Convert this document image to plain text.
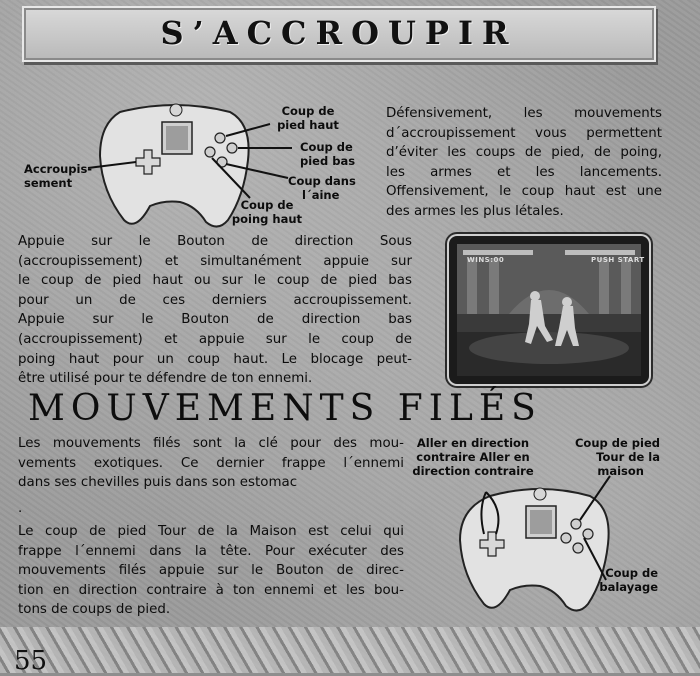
S’ACCROUPIR
Coup de
pied haut
Coup de
pied bas
Coup dans
l´aine
Coup de
poing haut
Accroupis-
sement
Défensivement, les mouvements
d´accroupissement vous permettent
d’éviter les coups de pied, de poing,
les armes et les lancements.
Offensivement, le coup haut est une
des armes les plus létales.
Appuie sur le Bouton de direction Sous
(accroupissement) et simultanément appuie sur
le coup de pied haut ou sur le coup de pied bas
pour un de ces derniers accroupissement.
Appuie sur le Bouton de direction bas
(accroupissement) et appuie sur le coup de
poing haut pour un coup haut. Le blocage peut-
être utilisé pour te défendre de ton ennemi.
WINS:00	PUSH START
MOUVEMENTS FILÉS
Les mouvements filés sont la clé pour des mou-
vements exotiques. Ce dernier frappe l´ennemi
dans ses chevilles puis dans son estomac
.
Le coup de pied Tour de la Maison est celui qui
frappe l´ennemi dans la tête. Pour exécuter des
mouvements filés appuie sur le Bouton de direc-
tion en direction contraire à ton ennemi et les bou-
tons de coups de pied.
Aller en direction
contraire Aller en
direction contraire
Coup de pied
Tour de la
maison
Coup de
balayage
55
